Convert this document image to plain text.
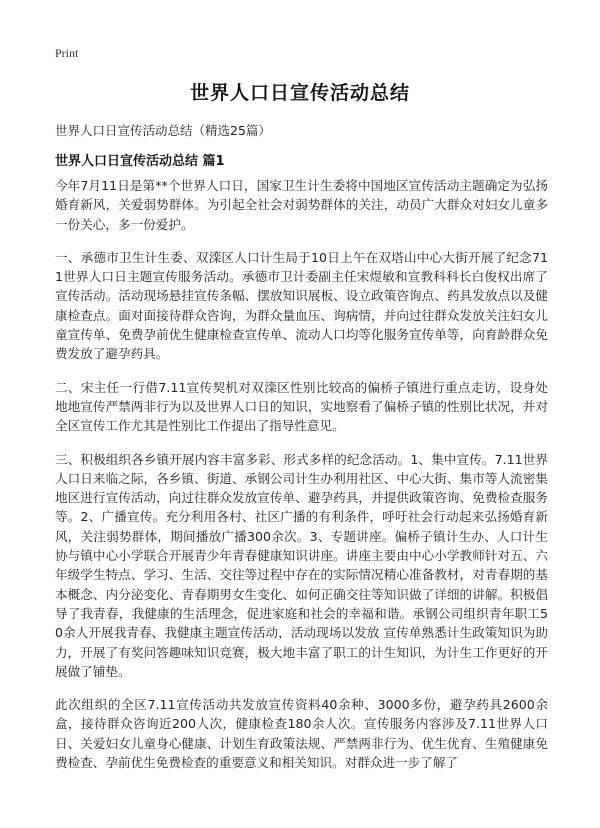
Print
世界人口日宣传活动总结
世界人口日宣传活动总结（精选25篇）
世界人口日宣传活动总结 篇1

今年7月11日是第**个世界人口日，国家卫生计生委将中国地区宣传活动主题确定为弘扬婚育新风，关爱弱势群体。为引起全社会对弱势群体的关注，动员广大群众对妇女儿童多一份关心，多一份爱护。

一、承德市卫生计生委、双滦区人口计生局于10日上午在双塔山中心大街开展了纪念711世界人口日主题宣传服务活动。承德市卫计委副主任宋煜敏和宣教科科长白俊权出席了宣传活动。活动现场悬挂宣传条幅、摆放知识展板、设立政策咨询点、药具发放点以及健康检查点。面对面接待群众咨询，为群众量血压、询病情，并向过往群众发放关注妇女儿童宣传单、免费孕前优生健康检查宣传单、流动人口均等化服务宣传单等，向育龄群众免费发放了避孕药具。

二、宋主任一行借7.11宣传契机对双滦区性别比较高的偏桥子镇进行重点走访，设身处地地宣传严禁两非行为以及世界人口日的知识，实地察看了偏桥子镇的性别比状况，并对全区宣传工作尤其是性别比工作提出了指导性意见。

三、积极组织各乡镇开展内容丰富多彩、形式多样的纪念活动。1、集中宣传。7.11世界人口日来临之际，各乡镇、街道、承钢公司计生办利用社区、中心大街、集市等人流密集地区进行宣传活动，向过往群众发放宣传单、避孕药具，并提供政策咨询、免费检查服务等。2、广播宣传。充分利用各村、社区广播的有利条件，呼吁社会行动起来弘扬婚育新风，关注弱势群体，期间播放广播300余次。3、专题讲座。偏桥子镇计生办、人口计生协与镇中心小学联合开展青少年青春健康知识讲座。讲座主要由中心小学教师针对五、六年级学生特点、学习、生活、交往等过程中存在的实际情况精心准备教材，对青春期的基本概念、内分泌变化、青春期男女生变化、如何正确交往等知识做了详细的讲解。积极倡导了我青春，我健康的生活理念，促进家庭和社会的幸福和谐。承钢公司组织青年职工50余人开展我青春、我健康主题宣传活动，活动现场以发放 宣传单熟悉计生政策知识为助力，开展了有奖问答趣味知识竞赛，极大地丰富了职工的计生知识，为计生工作更好的开展做了铺垫。

此次组织的全区7.11宣传活动共发放宣传资料40余种、3000多份，避孕药具2600余盒，接待群众咨询近200人次，健康检查180余人次。宣传服务内容涉及7.11世界人口日、关爱妇女儿童身心健康、计划生育政策法规、严禁两非行为、优生优育、生殖健康免费检查、孕前优生免费检查的重要意义和相关知识。对群众进一步了解了
